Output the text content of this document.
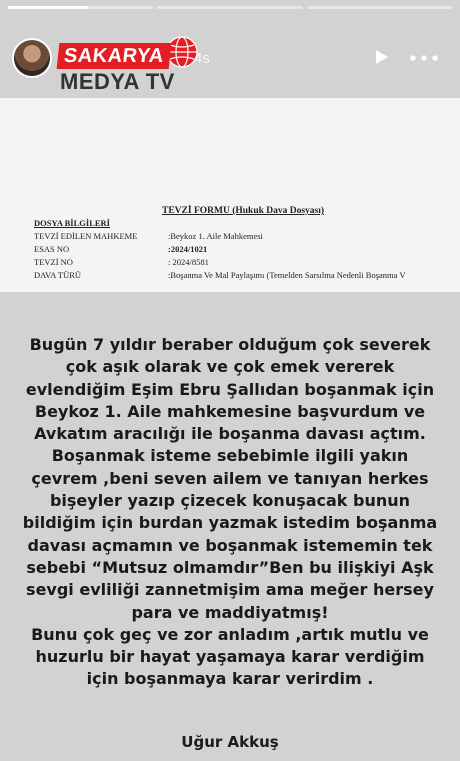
SAKARYA
MEDYA TV
4s
TEVZİ FORMU (Hukuk Dava Dosyası)
DOSYA BİLGİLERİ
TEVZİ EDİLEN MAHKEME	:Beykoz 1. Aile Mahkemesi
ESAS NO	:2024/1021
TEVZİ NO	: 2024/8581
DAVA TÜRÜ	:Boşanma Ve Mal Paylaşımı (Temelden Sarsılma Nedenli Boşanma V
Bugün 7 yıldır beraber olduğum çok severek
çok aşık olarak ve çok emek vererek
evlendiğim Eşim Ebru Şallıdan boşanmak için
Beykoz 1. Aile mahkemesine başvurdum ve
Avkatım aracılığı ile boşanma davası açtım.
Boşanmak isteme sebebimle ilgili yakın
çevrem ,beni seven ailem ve tanıyan herkes
bişeyler yazıp çizecek konuşacak bunun
bildiğim için burdan yazmak istedim boşanma
davası açmamın ve boşanmak istememin tek
sebebi “Mutsuz olmamdır”Ben bu ilişkiyi Aşk
sevgi evliliği zannetmişim ama meğer hersey
para ve maddiyatmış!
Bunu çok geç ve zor anladım ,artık mutlu ve
huzurlu bir hayat yaşamaya karar verdiğim
için boşanmaya karar verirdim .
Uğur Akkuş
